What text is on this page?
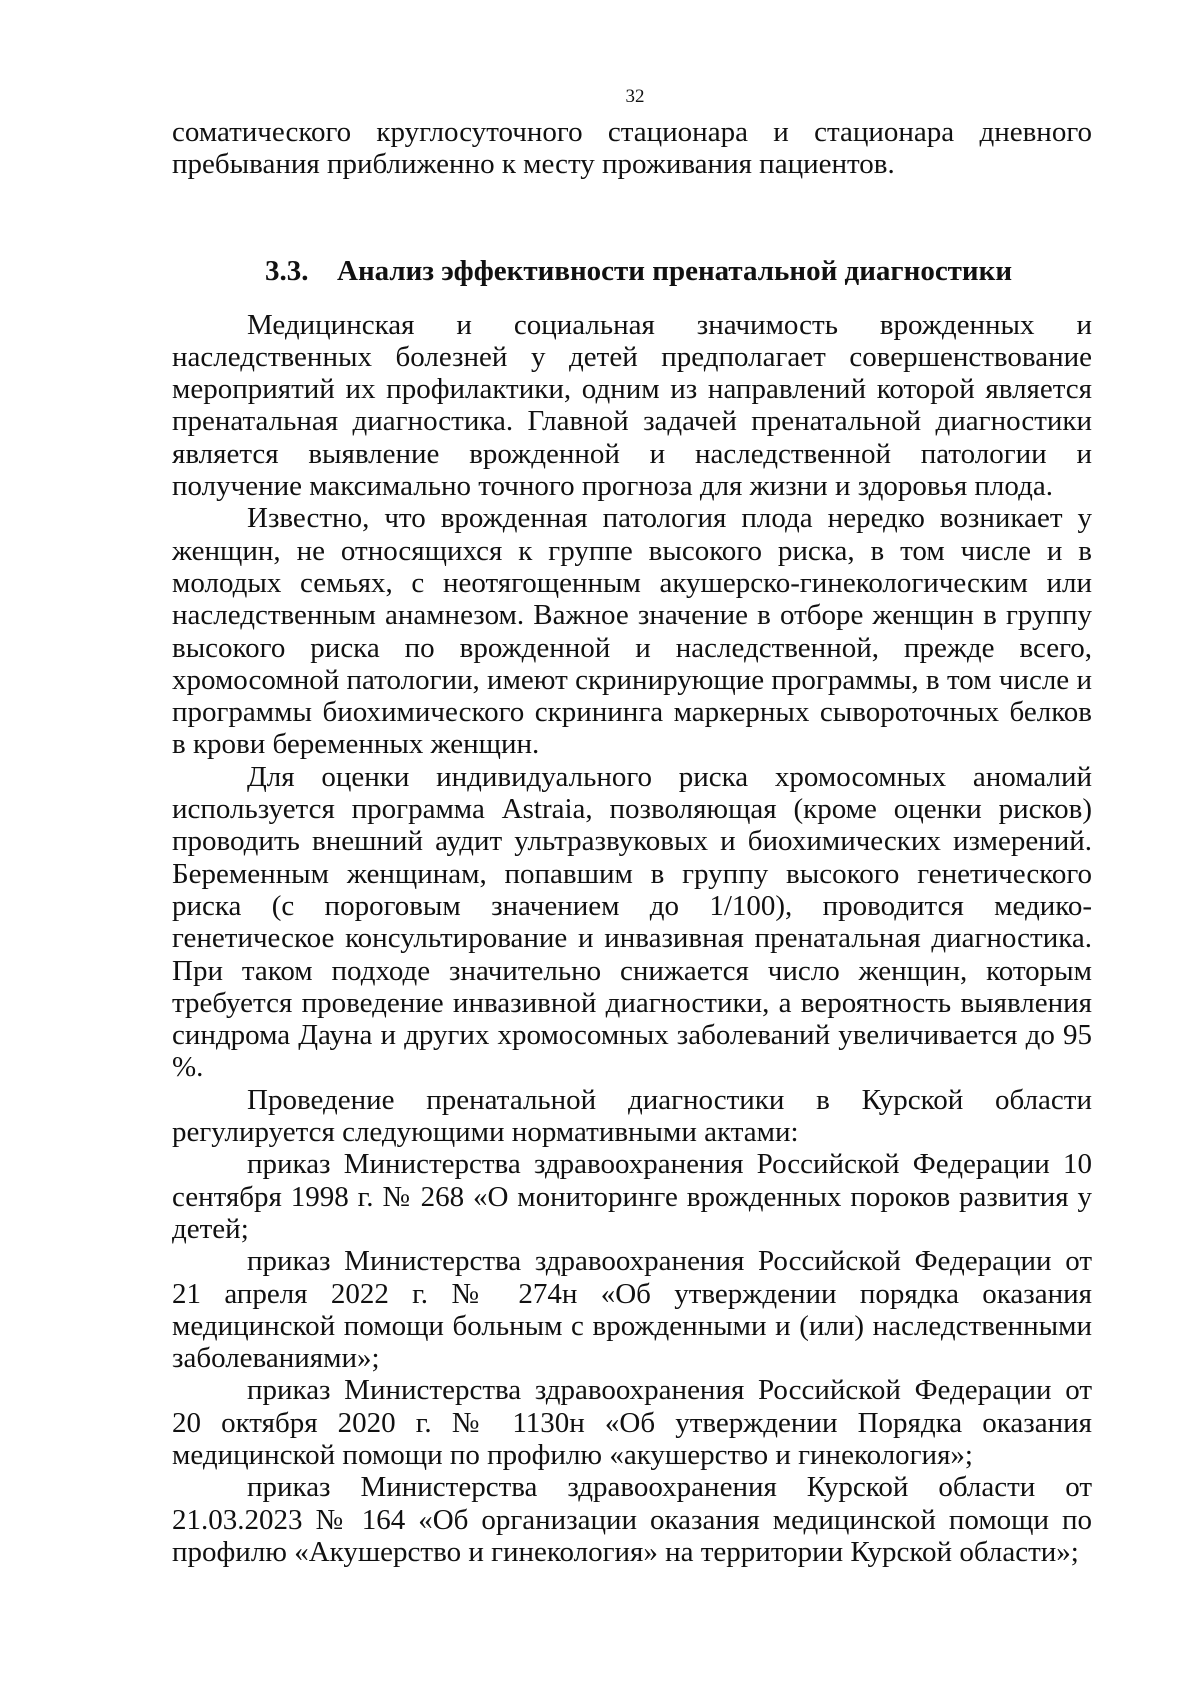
32

соматического круглосуточного стационара и стационара дневного пребывания приближенно к месту проживания пациентов.

3.3. Анализ эффективности пренатальной диагностики

Медицинская и социальная значимость врожденных и наследственных болезней у детей предполагает совершенствование мероприятий их профилактики, одним из направлений которой является пренатальная диагностика. Главной задачей пренатальной диагностики является выявление врожденной и наследственной патологии и получение максимально точного прогноза для жизни и здоровья плода.

Известно, что врожденная патология плода нередко возникает у женщин, не относящихся к группе высокого риска, в том числе и в молодых семьях, с неотягощенным акушерско-гинекологическим или наследственным анамнезом. Важное значение в отборе женщин в группу высокого риска по врожденной и наследственной, прежде всего, хромосомной патологии, имеют скринирующие программы, в том числе и программы биохимического скрининга маркерных сывороточных белков в крови беременных женщин.

Для оценки индивидуального риска хромосомных аномалий используется программа Astraia, позволяющая (кроме оценки рисков) проводить внешний аудит ультразвуковых и биохимических измерений. Беременным женщинам, попавшим в группу высокого генетического риска (с пороговым значением до 1/100), проводится медико-генетическое консультирование и инвазивная пренатальная диагностика. При таком подходе значительно снижается число женщин, которым требуется проведение инвазивной диагностики, а вероятность выявления синдрома Дауна и других хромосомных заболеваний увеличивается до 95 %.

Проведение пренатальной диагностики в Курской области регулируется следующими нормативными актами:

приказ Министерства здравоохранения Российской Федерации 10 сентября 1998 г. № 268 «О мониторинге врожденных пороков развития у детей;

приказ Министерства здравоохранения Российской Федерации от 21 апреля 2022 г. № 274н «Об утверждении порядка оказания медицинской помощи больным с врожденными и (или) наследственными заболеваниями»;

приказ Министерства здравоохранения Российской Федерации от 20 октября 2020 г. № 1130н «Об утверждении Порядка оказания медицинской помощи по профилю «акушерство и гинекология»;

приказ Министерства здравоохранения Курской области от 21.03.2023 № 164 «Об организации оказания медицинской помощи по профилю «Акушерство и гинекология» на территории Курской области»;
